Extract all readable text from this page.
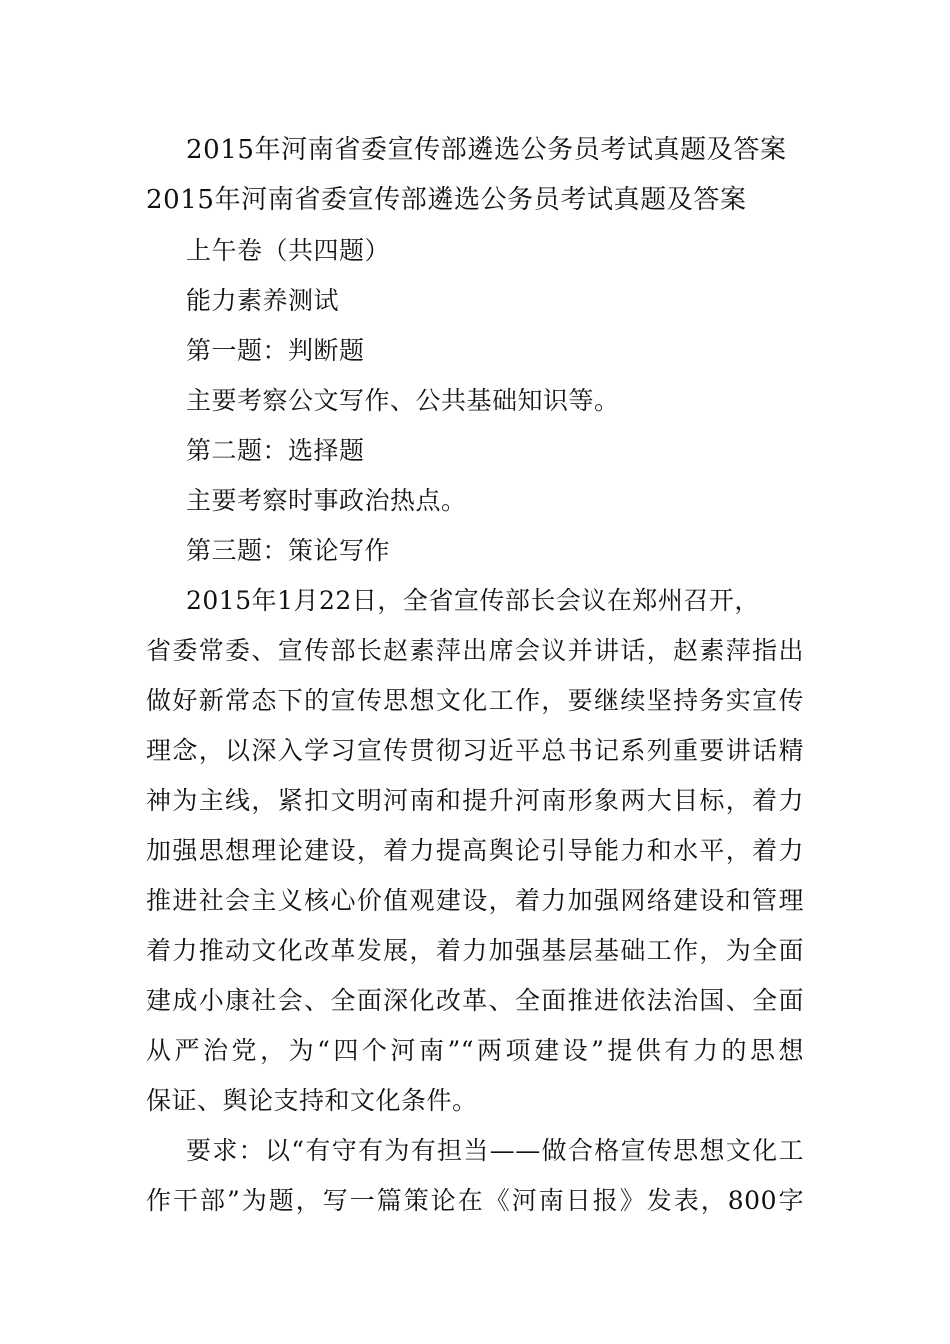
2015年河南省委宣传部遴选公务员考试真题及答案
2015年河南省委宣传部遴选公务员考试真题及答案
上午卷（共四题）
能力素养测试
第一题：判断题
主要考察公文写作、公共基础知识等。
第二题：选择题
主要考察时事政治热点。
第三题：策论写作
2015年1月22日，全省宣传部长会议在郑州召开，
省委常委、宣传部长赵素萍出席会议并讲话，赵素萍指出
做好新常态下的宣传思想文化工作，要继续坚持务实宣传
理念，以深入学习宣传贯彻习近平总书记系列重要讲话精
神为主线，紧扣文明河南和提升河南形象两大目标，着力
加强思想理论建设，着力提高舆论引导能力和水平，着力
推进社会主义核心价值观建设，着力加强网络建设和管理
着力推动文化改革发展，着力加强基层基础工作，为全面
建成小康社会、全面深化改革、全面推进依法治国、全面
从严治党，为“四个河南”“两项建设”提供有力的思想
保证、舆论支持和文化条件。
要求：以“有守有为有担当——做合格宣传思想文化工
作干部”为题，写一篇策论在《河南日报》发表，800字
